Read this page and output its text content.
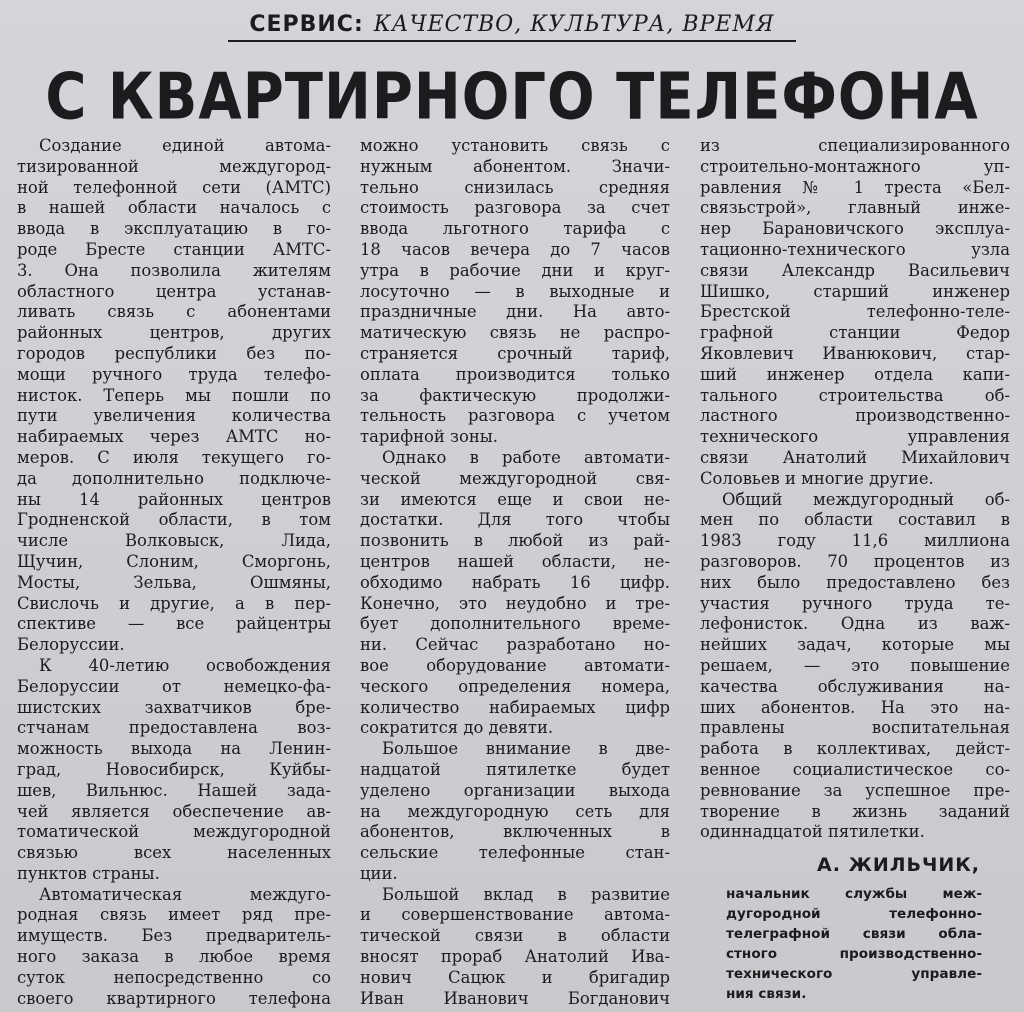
СЕРВИС: КАЧЕСТВО, КУЛЬТУРА, ВРЕМЯ
С КВАРТИРНОГО ТЕЛЕФОНА
Создание единой автома-
тизированной междугород-
ной телефонной сети (АМТС)
в нашей области началось с
ввода в эксплуатацию в го-
роде Бресте станции АМТС-
3. Она позволила жителям
областного центра устанав-
ливать связь с абонентами
районных центров, других
городов республики без по-
мощи ручного труда телефо-
нисток. Теперь мы пошли по
пути увеличения количества
набираемых через АМТС но-
меров. С июля текущего го-
да дополнительно подключе-
ны 14 районных центров
Гродненской области, в том
числе Волковыск, Лида,
Щучин, Слоним, Сморгонь,
Мосты, Зельва, Ошмяны,
Свислочь и другие, а в пер-
спективе — все райцентры
Белоруссии.
К 40-летию освобождения
Белоруссии от немецко-фа-
шистских захватчиков бре-
стчанам предоставлена воз-
можность выхода на Ленин-
град, Новосибирск, Куйбы-
шев, Вильнюс. Нашей зада-
чей является обеспечение ав-
томатической междугородной
связью всех населенных
пунктов страны.
Автоматическая междуго-
родная связь имеет ряд пре-
имуществ. Без предваритель-
ного заказа в любое время
суток непосредственно со
своего квартирного телефона
можно установить связь с
нужным абонентом. Значи-
тельно снизилась средняя
стоимость разговора за счет
ввода льготного тарифа с
18 часов вечера до 7 часов
утра в рабочие дни и круг-
лосуточно — в выходные и
праздничные дни. На авто-
матическую связь не распро-
страняется срочный тариф,
оплата производится только
за фактическую продолжи-
тельность разговора с учетом
тарифной зоны.
Однако в работе автомати-
ческой междугородной свя-
зи имеются еще и свои не-
достатки. Для того чтобы
позвонить в любой из рай-
центров нашей области, не-
обходимо набрать 16 цифр.
Конечно, это неудобно и тре-
бует дополнительного време-
ни. Сейчас разработано но-
вое оборудование автомати-
ческого определения номера,
количество набираемых цифр
сократится до девяти.
Большое внимание в две-
надцатой пятилетке будет
уделено организации выхода
на междугородную сеть для
абонентов, включенных в
сельские телефонные стан-
ции.
Большой вклад в развитие
и совершенствование автома-
тической связи в области
вносят прораб Анатолий Ива-
нович Сацюк и бригадир
Иван Иванович Богданович
из специализированного
строительно-монтажного уп-
равления № 1 треста «Бел-
связьстрой», главный инже-
нер Барановичского эксплуа-
тационно-технического узла
связи Александр Васильевич
Шишко, старший инженер
Брестской телефонно-теле-
графной станции Федор
Яковлевич Иванюкович, стар-
ший инженер отдела капи-
тального строительства об-
ластного производственно-
технического управления
связи Анатолий Михайлович
Соловьев и многие другие.
Общий междугородный об-
мен по области составил в
1983 году 11,6 миллиона
разговоров. 70 процентов из
них было предоставлено без
участия ручного труда те-
лефонисток. Одна из важ-
нейших задач, которые мы
решаем, — это повышение
качества обслуживания на-
ших абонентов. На это на-
правлены воспитательная
работа в коллективах, дейст-
венное социалистическое со-
ревнование за успешное пре-
творение в жизнь заданий
одиннадцатой пятилетки.
А. ЖИЛЬЧИК,
начальник службы меж-
дугородной телефонно-
телеграфной связи обла-
стного производственно-
технического управле-
ния связи.
